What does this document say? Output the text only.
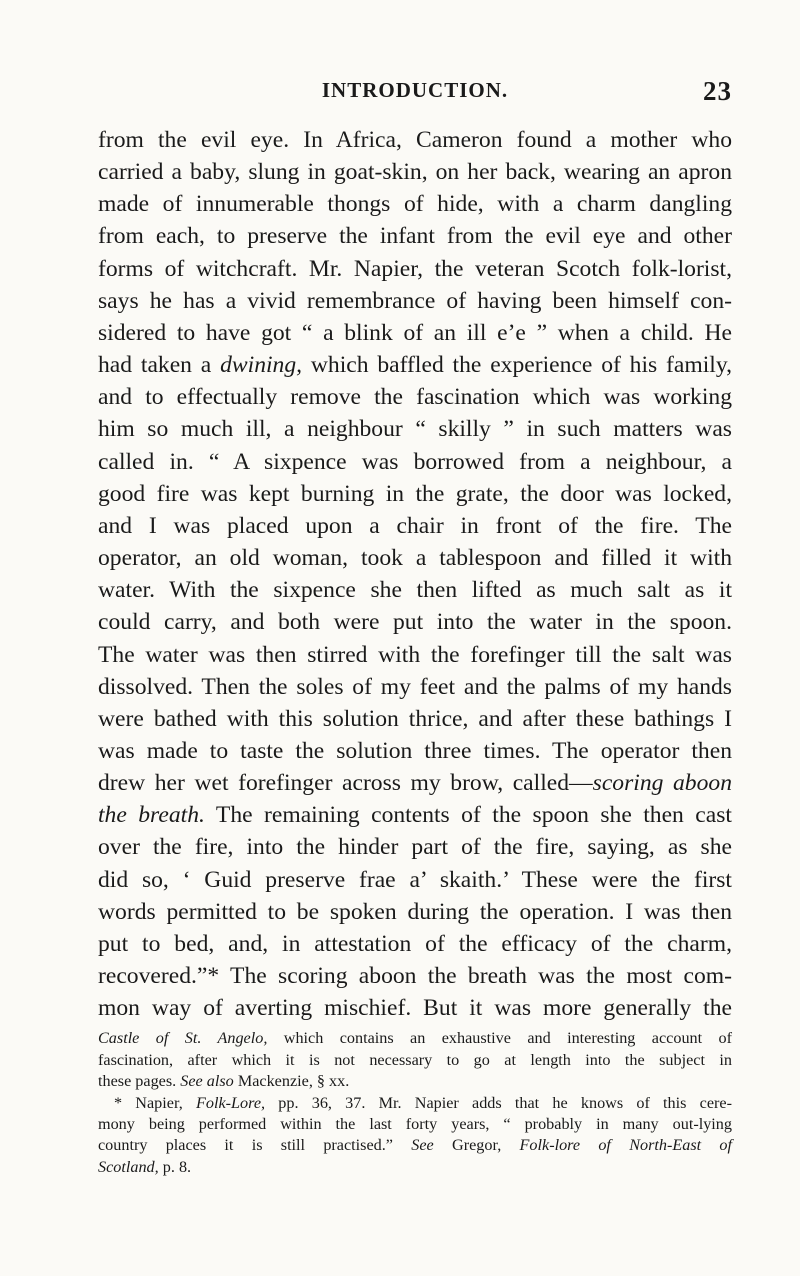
INTRODUCTION.	23
from the evil eye. In Africa, Cameron found a mother who
carried a baby, slung in goat-skin, on her back, wearing an apron
made of innumerable thongs of hide, with a charm dangling
from each, to preserve the infant from the evil eye and other
forms of witchcraft. Mr. Napier, the veteran Scotch folk-lorist,
says he has a vivid remembrance of having been himself con-
sidered to have got “ a blink of an ill e’e ” when a child. He
had taken a dwining, which baffled the experience of his family,
and to effectually remove the fascination which was working
him so much ill, a neighbour “ skilly ” in such matters was
called in. “ A sixpence was borrowed from a neighbour, a
good fire was kept burning in the grate, the door was locked,
and I was placed upon a chair in front of the fire. The
operator, an old woman, took a tablespoon and filled it with
water. With the sixpence she then lifted as much salt as it
could carry, and both were put into the water in the spoon.
The water was then stirred with the forefinger till the salt was
dissolved. Then the soles of my feet and the palms of my hands
were bathed with this solution thrice, and after these bathings I
was made to taste the solution three times. The operator then
drew her wet forefinger across my brow, called—scoring aboon
the breath. The remaining contents of the spoon she then cast
over the fire, into the hinder part of the fire, saying, as she
did so, ‘ Guid preserve frae a’ skaith.’ These were the first
words permitted to be spoken during the operation. I was then
put to bed, and, in attestation of the efficacy of the charm,
recovered.”* The scoring aboon the breath was the most com-
mon way of averting mischief. But it was more generally the
Castle of St. Angelo, which contains an exhaustive and interesting account of
fascination, after which it is not necessary to go at length into the subject in
these pages. See also Mackenzie, § xx.
* Napier, Folk-Lore, pp. 36, 37. Mr. Napier adds that he knows of this cere-
mony being performed within the last forty years, “ probably in many out-lying
country places it is still practised.” See Gregor, Folk-lore of North-East of
Scotland, p. 8.
